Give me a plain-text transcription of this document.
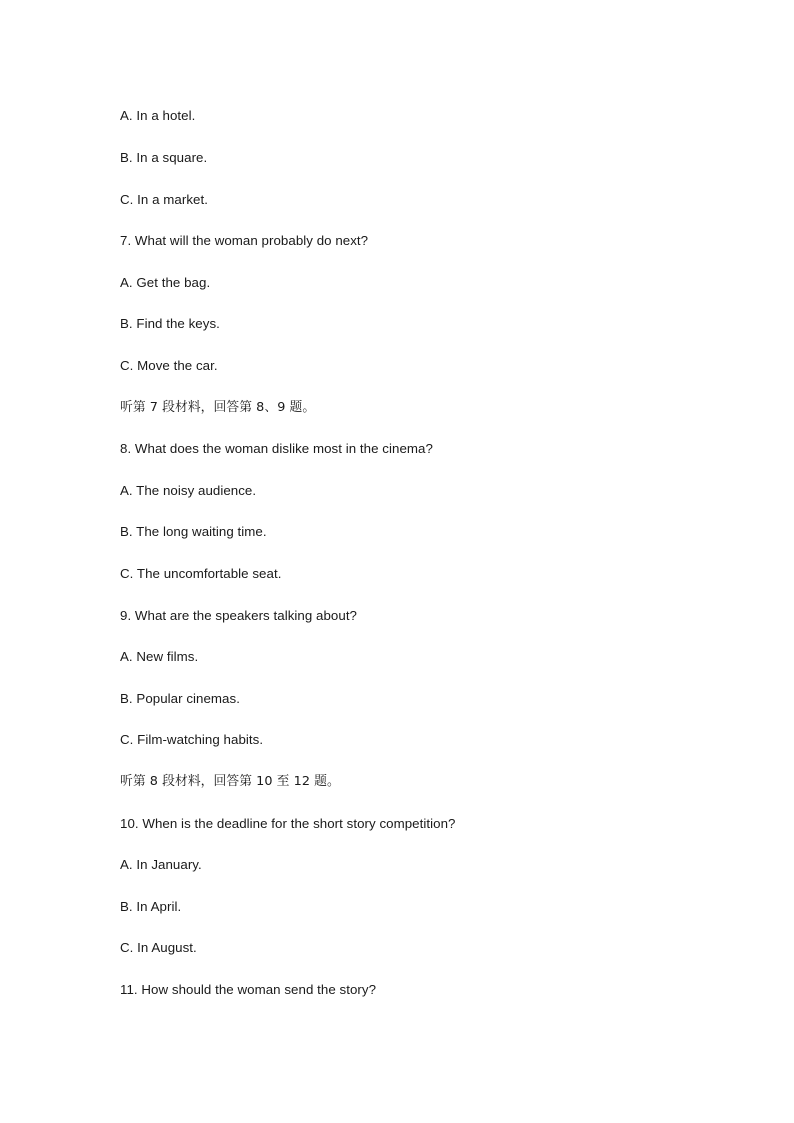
A. In a hotel.
B. In a square.
C. In a market.
7. What will the woman probably do next?
A. Get the bag.
B. Find the keys.
C. Move the car.
听第 7 段材料，回答第 8、9 题。
8. What does the woman dislike most in the cinema?
A. The noisy audience.
B. The long waiting time.
C. The uncomfortable seat.
9. What are the speakers talking about?
A. New films.
B. Popular cinemas.
C. Film-watching habits.
听第 8 段材料，回答第 10 至 12 题。
10. When is the deadline for the short story competition?
A. In January.
B. In April.
C. In August.
11. How should the woman send the story?
